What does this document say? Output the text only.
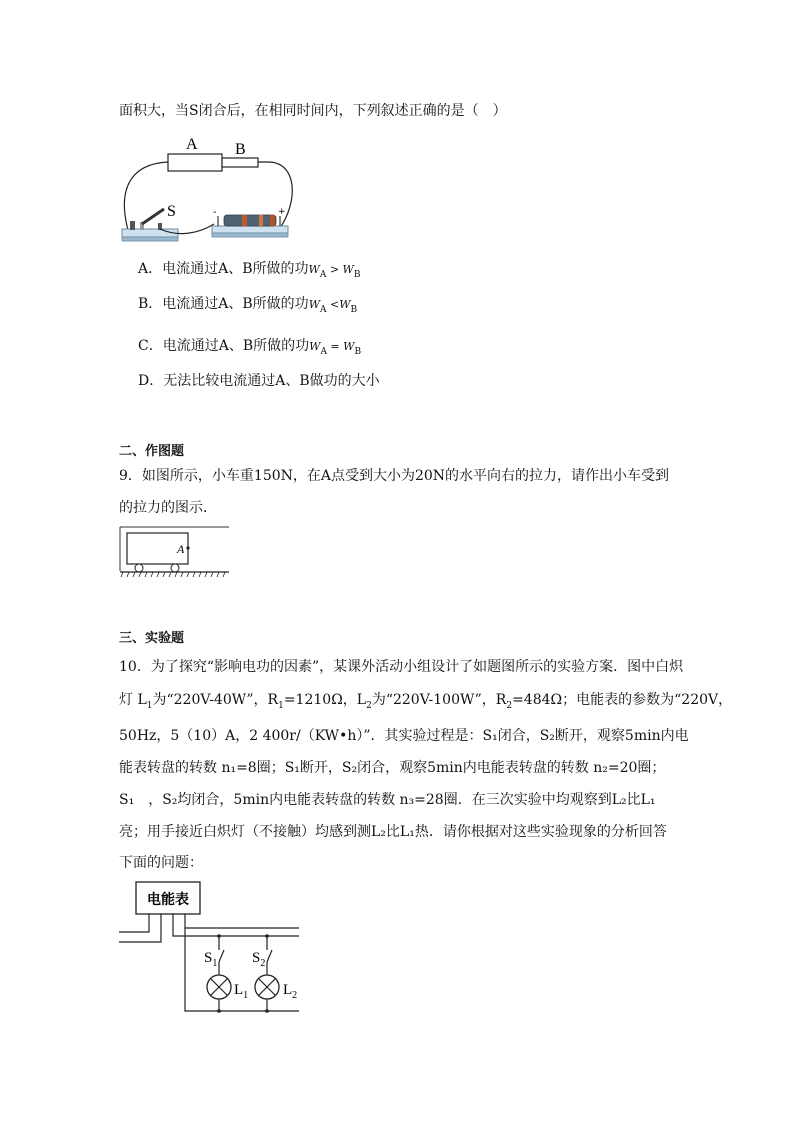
面积大，当S闭合后，在相同时间内，下列叙述正确的是（　）
A B
S	-	+
A．电流通过A、B所做的功$W_A > W_B$
B．电流通过A、B所做的功$W_A <W_B$
C．电流通过A、B所做的功$W_A = W_B$
D．无法比较电流通过A、B做功的大小
二、作图题
9．如图所示，小车重150N，在A点受到大小为20N的水平向右的拉力，请作出小车受到
的拉力的图示．
A
三、实验题
10．为了探究“影响电功的因素”，某课外活动小组设计了如题图所示的实验方案．图中白炽
灯 $L_1$为“220V-40W”，$R_1=1210\Omega$，$L_2$为“220V-100W”，$R_2=484\Omega$；电能表的参数为“220V，
50Hz，5（10）A，2 400r/（KW•h）”．其实验过程是：S₁闭合，S₂断开，观察5min内电
能表转盘的转数 n₁=8圈；S₁断开，S₂闭合，观察5min内电能表转盘的转数 n₂=20圈；
S₁　，S₂均闭合，5min内电能表转盘的转数 n₃=28圈．在三次实验中均观察到L₂比L₁
亮；用手接近白炽灯（不接触）均感到测L₂比L₁热．请你根据对这些实验现象的分析回答
下面的问题：
电能表
$S_1$ $S_2$
$L_1$ $L_2$
